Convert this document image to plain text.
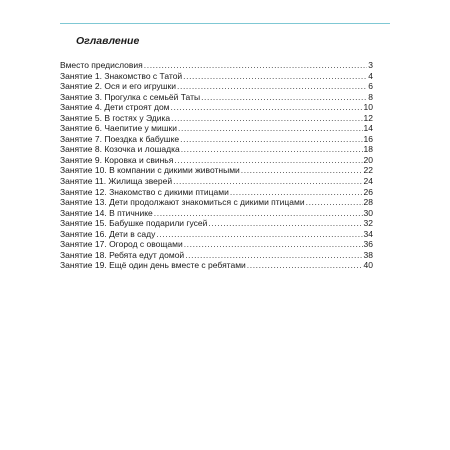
Оглавление
Вместо предисловия .....	3
Занятие 1. Знакомство с Татой .....	4
Занятие 2. Ося и его игрушки .....	6
Занятие 3. Прогулка с семьёй Таты .....	8
Занятие 4. Дети строят дом .....	10
Занятие 5. В гостях у Эдика .....	12
Занятие 6. Чаепитие у мишки .....	14
Занятие 7. Поездка к бабушке .....	16
Занятие 8. Козочка и лошадка .....	18
Занятие 9. Коровка и свинья .....	20
Занятие 10. В компании с дикими животными .....	22
Занятие 11. Жилища зверей .....	24
Занятие 12. Знакомство с дикими птицами .....	26
Занятие 13. Дети продолжают знакомиться с дикими птицами .....	28
Занятие 14. В птичнике .....	30
Занятие 15. Бабушке подарили гусей .....	32
Занятие 16. Дети в саду .....	34
Занятие 17. Огород с овощами .....	36
Занятие 18. Ребята едут домой .....	38
Занятие 19. Ещё один день вместе с ребятами .....	40
